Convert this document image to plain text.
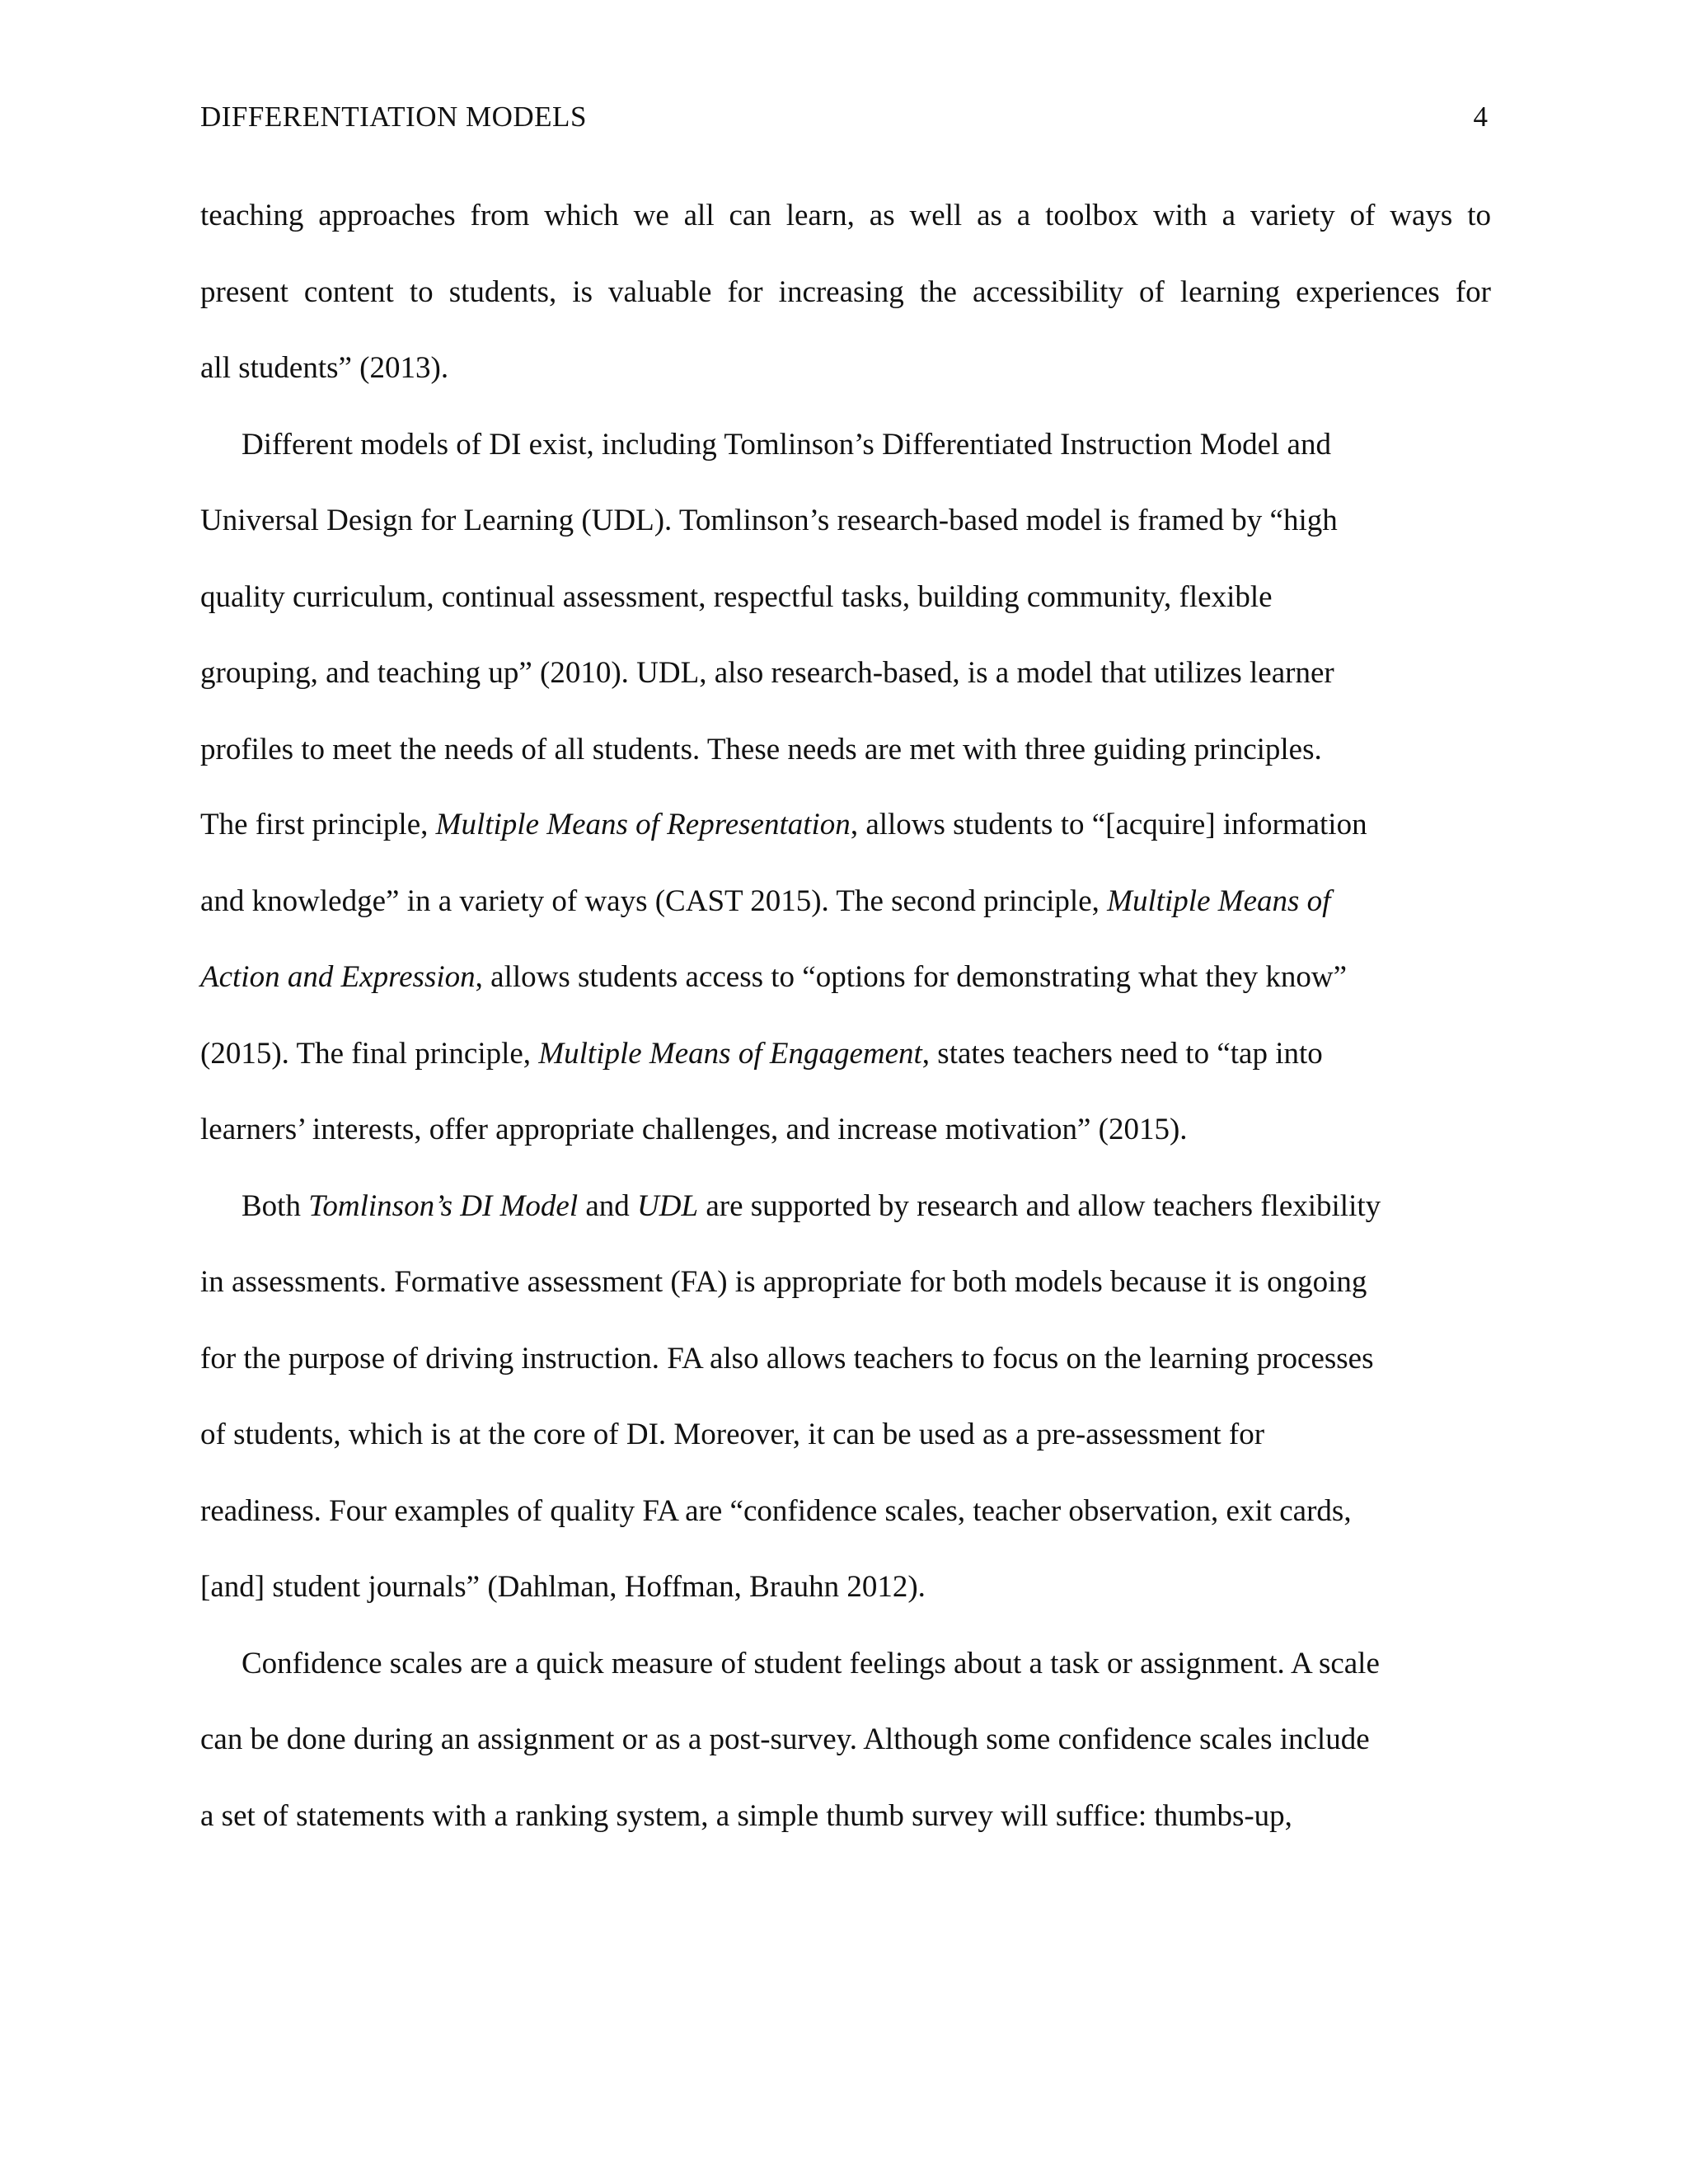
DIFFERENTIATION MODELS	4
teaching approaches from which we all can learn, as well as a toolbox with a variety of ways to
present content to students, is valuable for increasing the accessibility of learning experiences for
all students” (2013).
Different models of DI exist, including Tomlinson’s Differentiated Instruction Model and
Universal Design for Learning (UDL). Tomlinson’s research-based model is framed by “high
quality curriculum, continual assessment, respectful tasks, building community, flexible
grouping, and teaching up” (2010). UDL, also research-based, is a model that utilizes learner
profiles to meet the needs of all students. These needs are met with three guiding principles.
The first principle, Multiple Means of Representation, allows students to “[acquire] information
and knowledge” in a variety of ways (CAST 2015). The second principle, Multiple Means of
Action and Expression, allows students access to “options for demonstrating what they know”
(2015). The final principle, Multiple Means of Engagement, states teachers need to “tap into
learners’ interests, offer appropriate challenges, and increase motivation” (2015).
Both Tomlinson’s DI Model and UDL are supported by research and allow teachers flexibility
in assessments. Formative assessment (FA) is appropriate for both models because it is ongoing
for the purpose of driving instruction. FA also allows teachers to focus on the learning processes
of students, which is at the core of DI. Moreover, it can be used as a pre-assessment for
readiness. Four examples of quality FA are “confidence scales, teacher observation, exit cards,
[and] student journals” (Dahlman, Hoffman, Brauhn 2012).
Confidence scales are a quick measure of student feelings about a task or assignment. A scale
can be done during an assignment or as a post-survey. Although some confidence scales include
a set of statements with a ranking system, a simple thumb survey will suffice: thumbs-up,
